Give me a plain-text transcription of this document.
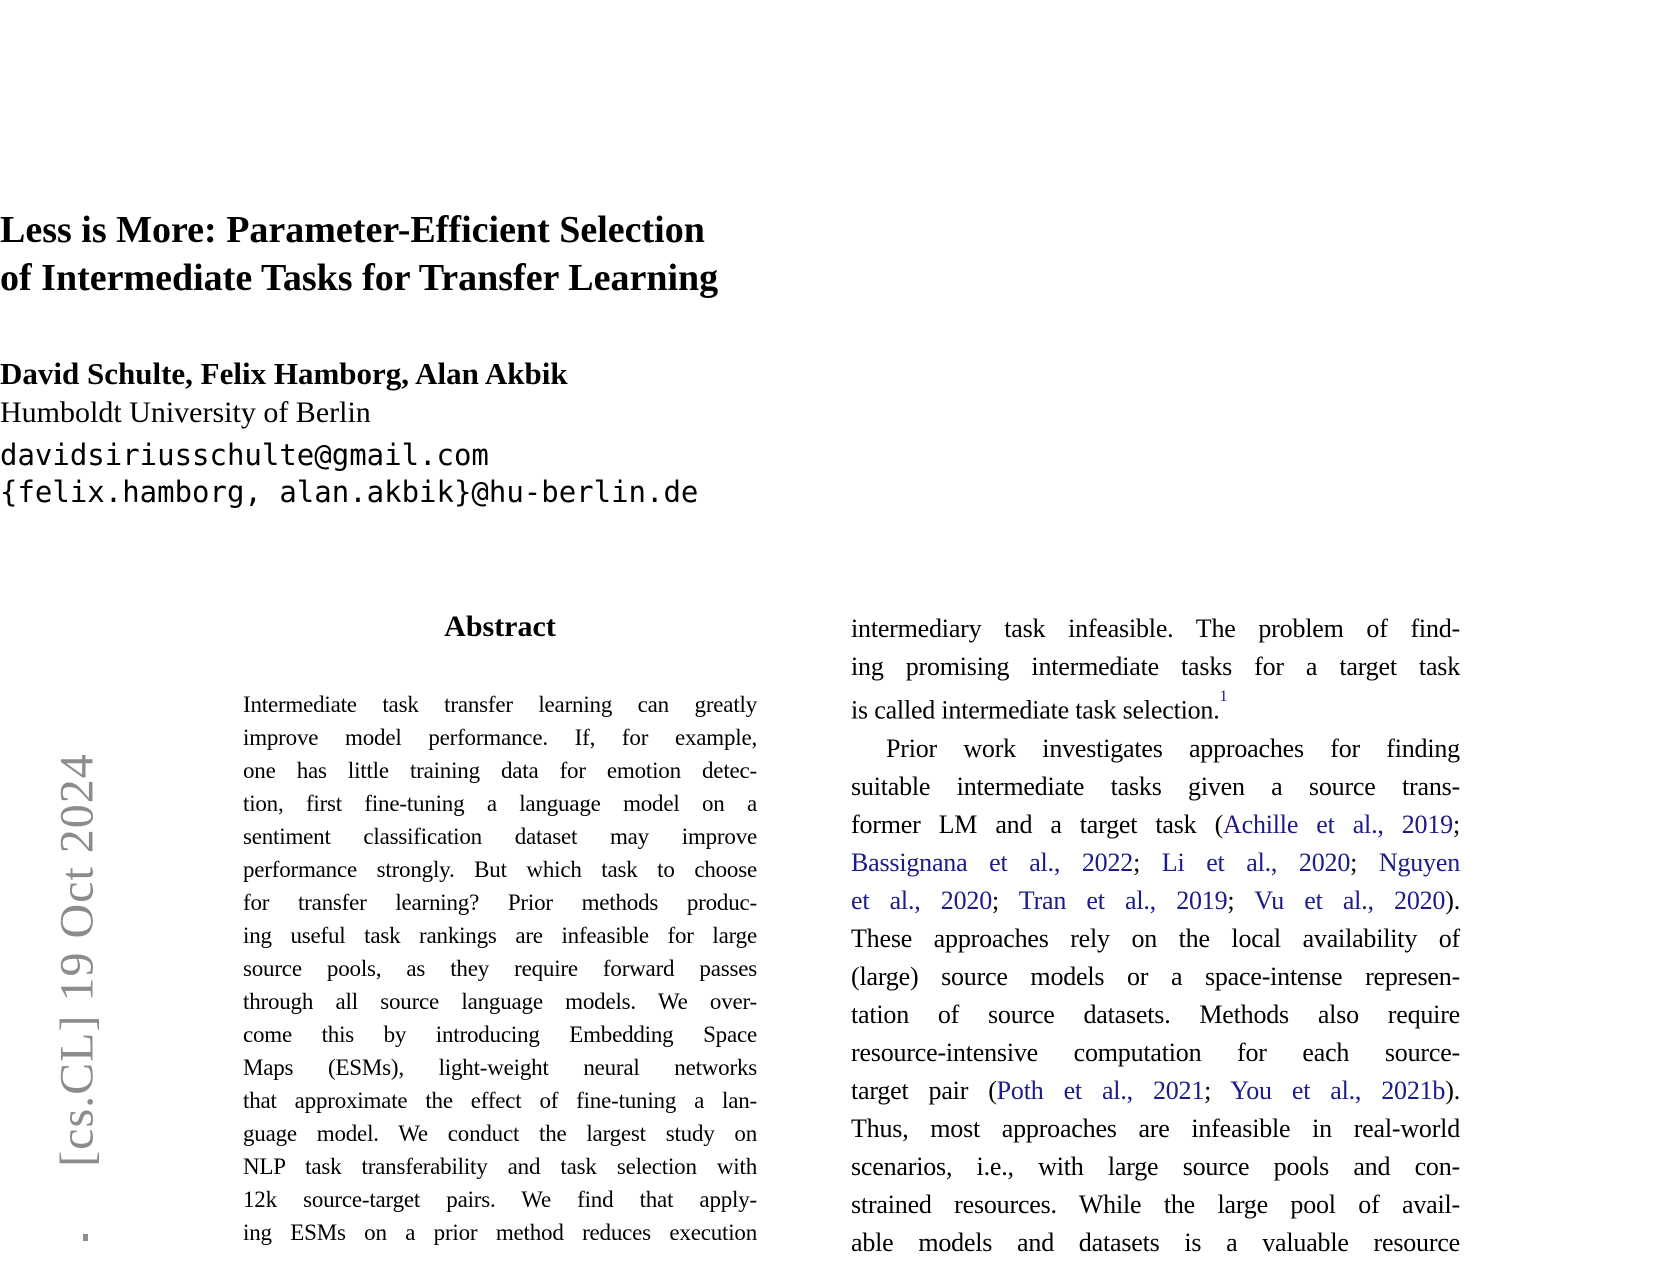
[cs.CL] 19 Oct 2024
Less is More: Parameter-Efficient Selection
of Intermediate Tasks for Transfer Learning
David Schulte, Felix Hamborg, Alan Akbik
Humboldt University of Berlin
davidsiriusschulte@gmail.com
{felix.hamborg, alan.akbik}@hu-berlin.de
Abstract
Intermediate task transfer learning can greatly
improve model performance. If, for example,
one has little training data for emotion detec-
tion, first fine-tuning a language model on a
sentiment classification dataset may improve
performance strongly. But which task to choose
for transfer learning? Prior methods produc-
ing useful task rankings are infeasible for large
source pools, as they require forward passes
through all source language models. We over-
come this by introducing Embedding Space
Maps (ESMs), light-weight neural networks
that approximate the effect of fine-tuning a lan-
guage model. We conduct the largest study on
NLP task transferability and task selection with
12k source-target pairs. We find that apply-
ing ESMs on a prior method reduces execution
intermediary task infeasible. The problem of find-
ing promising intermediate tasks for a target task
is called intermediate task selection.$^1$
Prior work investigates approaches for finding
suitable intermediate tasks given a source trans-
former LM and a target task (Achille et al., 2019;
Bassignana et al., 2022; Li et al., 2020; Nguyen
et al., 2020; Tran et al., 2019; Vu et al., 2020).
These approaches rely on the local availability of
(large) source models or a space-intense represen-
tation of source datasets. Methods also require
resource-intensive computation for each source-
target pair (Poth et al., 2021; You et al., 2021b).
Thus, most approaches are infeasible in real-world
scenarios, i.e., with large source pools and con-
strained resources. While the large pool of avail-
able models and datasets is a valuable resource
